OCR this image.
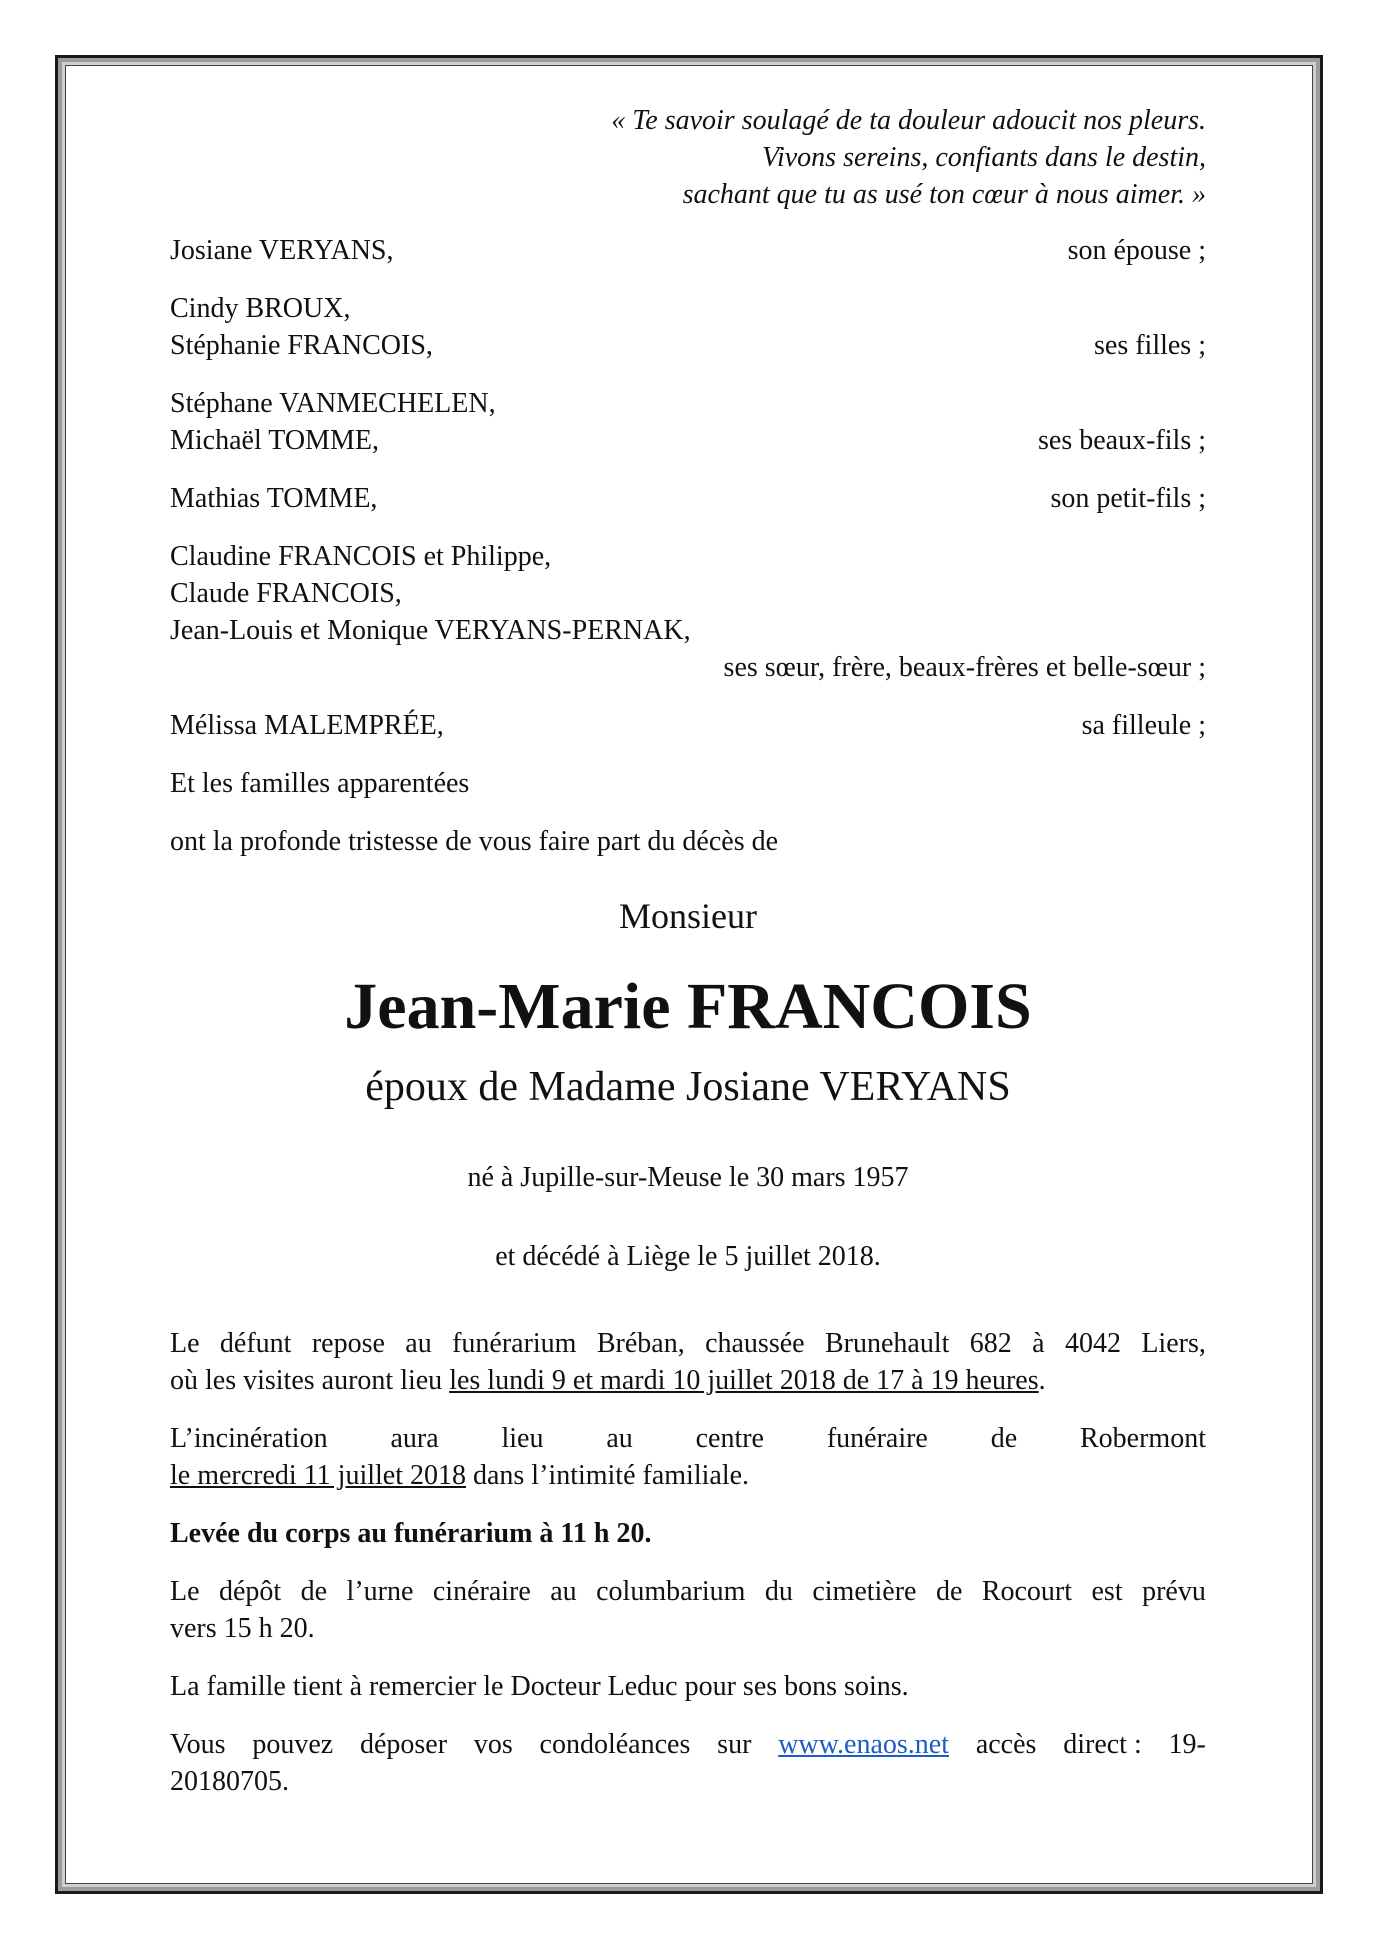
« Te savoir soulagé de ta douleur adoucit nos pleurs.
Vivons sereins, confiants dans le destin,
sachant que tu as usé ton cœur à nous aimer. »
Josiane VERYANS,	son épouse ;
Cindy BROUX,
Stéphanie FRANCOIS,	ses filles ;
Stéphane VANMECHELEN,
Michaël TOMME,	ses beaux-fils ;
Mathias TOMME,	son petit-fils ;
Claudine FRANCOIS et Philippe,
Claude FRANCOIS,
Jean-Louis et Monique VERYANS-PERNAK,
ses sœur, frère, beaux-frères et belle-sœur ;
Mélissa MALEMPRÉE,	sa filleule ;
Et les familles apparentées
ont la profonde tristesse de vous faire part du décès de
Monsieur
Jean-Marie FRANCOIS
époux de Madame Josiane VERYANS
né à Jupille-sur-Meuse le 30 mars 1957
et décédé à Liège le 5 juillet 2018.

Le défunt repose au funérarium Bréban, chaussée Brunehault 682 à 4042 Liers,
où les visites auront lieu les lundi 9 et mardi 10 juillet 2018 de 17 à 19 heures.

L’incinération aura lieu au centre funéraire de Robermont
le mercredi 11 juillet 2018 dans l’intimité familiale.

Levée du corps au funérarium à 11 h 20.

Le dépôt de l’urne cinéraire au columbarium du cimetière de Rocourt est prévu
vers 15 h 20.

La famille tient à remercier le Docteur Leduc pour ses bons soins.

Vous pouvez déposer vos condoléances sur www.enaos.net accès direct : 19-
20180705.
